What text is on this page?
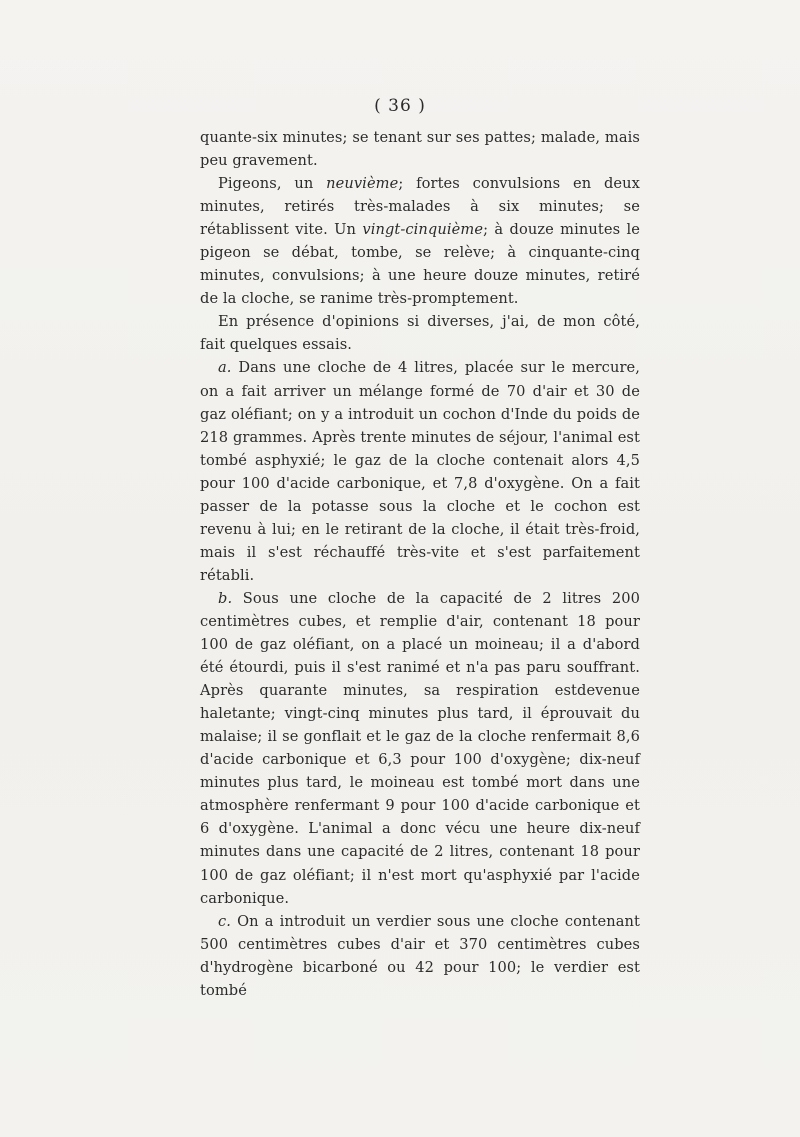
( 36 )

quante-six minutes; se tenant sur ses pattes; malade, mais peu gravement.

Pigeons, un neuvième; fortes convulsions en deux minutes, retirés très-malades à six minutes; se rétablissent vite. Un vingt-cinquième; à douze minutes le pigeon se débat, tombe, se relève; à cinquante-cinq minutes, convulsions; à une heure douze minutes, retiré de la cloche, se ranime très-promptement.

En présence d'opinions si diverses, j'ai, de mon côté, fait quelques essais.

a. Dans une cloche de 4 litres, placée sur le mercure, on a fait arriver un mélange formé de 70 d'air et 30 de gaz oléfiant; on y a introduit un cochon d'Inde du poids de 218 grammes. Après trente minutes de séjour, l'animal est tombé asphyxié; le gaz de la cloche contenait alors 4,5 pour 100 d'acide carbonique, et 7,8 d'oxygène. On a fait passer de la potasse sous la cloche et le cochon est revenu à lui; en le retirant de la cloche, il était très-froid, mais il s'est réchauffé très-vite et s'est parfaitement rétabli.

b. Sous une cloche de la capacité de 2 litres 200 centimètres cubes, et remplie d'air, contenant 18 pour 100 de gaz oléfiant, on a placé un moineau; il a d'abord été étourdi, puis il s'est ranimé et n'a pas paru souffrant. Après quarante minutes, sa respiration estdevenue haletante; vingt-cinq minutes plus tard, il éprouvait du malaise; il se gonflait et le gaz de la cloche renfermait 8,6 d'acide carbonique et 6,3 pour 100 d'oxygène; dix-neuf minutes plus tard, le moineau est tombé mort dans une atmosphère renfermant 9 pour 100 d'acide carbonique et 6 d'oxygène. L'animal a donc vécu une heure dix-neuf minutes dans une capacité de 2 litres, contenant 18 pour 100 de gaz oléfiant; il n'est mort qu'asphyxié par l'acide carbonique.

c. On a introduit un verdier sous une cloche contenant 500 centimètres cubes d'air et 370 centimètres cubes d'hydrogène bicarboné ou 42 pour 100; le verdier est tombé
